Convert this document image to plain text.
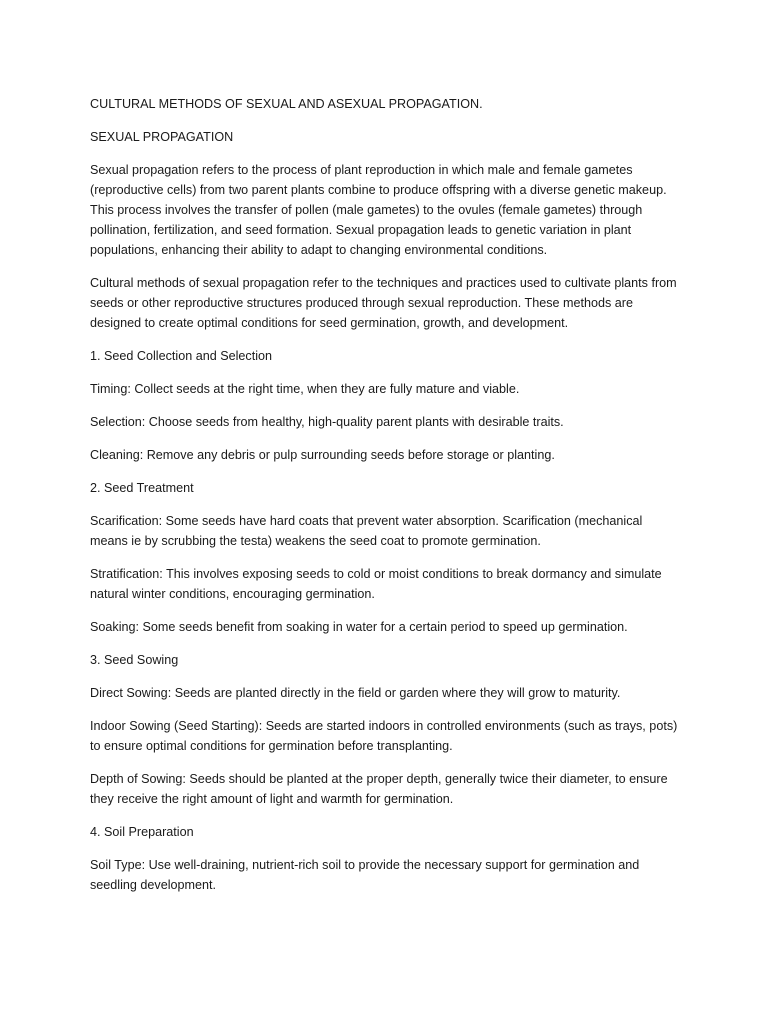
CULTURAL METHODS OF SEXUAL AND ASEXUAL PROPAGATION.

SEXUAL PROPAGATION

Sexual propagation refers to the process of plant reproduction in which male and female gametes (reproductive cells) from two parent plants combine to produce offspring with a diverse genetic makeup. This process involves the transfer of pollen (male gametes) to the ovules (female gametes) through pollination, fertilization, and seed formation. Sexual propagation leads to genetic variation in plant populations, enhancing their ability to adapt to changing environmental conditions.

Cultural methods of sexual propagation refer to the techniques and practices used to cultivate plants from seeds or other reproductive structures produced through sexual reproduction. These methods are designed to create optimal conditions for seed germination, growth, and development.

1. Seed Collection and Selection

Timing: Collect seeds at the right time, when they are fully mature and viable.

Selection: Choose seeds from healthy, high-quality parent plants with desirable traits.

Cleaning: Remove any debris or pulp surrounding seeds before storage or planting.

2. Seed Treatment

Scarification: Some seeds have hard coats that prevent water absorption. Scarification (mechanical means ie by scrubbing the testa) weakens the seed coat to promote germination.

Stratification: This involves exposing seeds to cold or moist conditions to break dormancy and simulate natural winter conditions, encouraging germination.

Soaking: Some seeds benefit from soaking in water for a certain period to speed up germination.

3. Seed Sowing

Direct Sowing: Seeds are planted directly in the field or garden where they will grow to maturity.

Indoor Sowing (Seed Starting): Seeds are started indoors in controlled environments (such as trays, pots) to ensure optimal conditions for germination before transplanting.

Depth of Sowing: Seeds should be planted at the proper depth, generally twice their diameter, to ensure they receive the right amount of light and warmth for germination.

4. Soil Preparation

Soil Type: Use well-draining, nutrient-rich soil to provide the necessary support for germination and seedling development.
